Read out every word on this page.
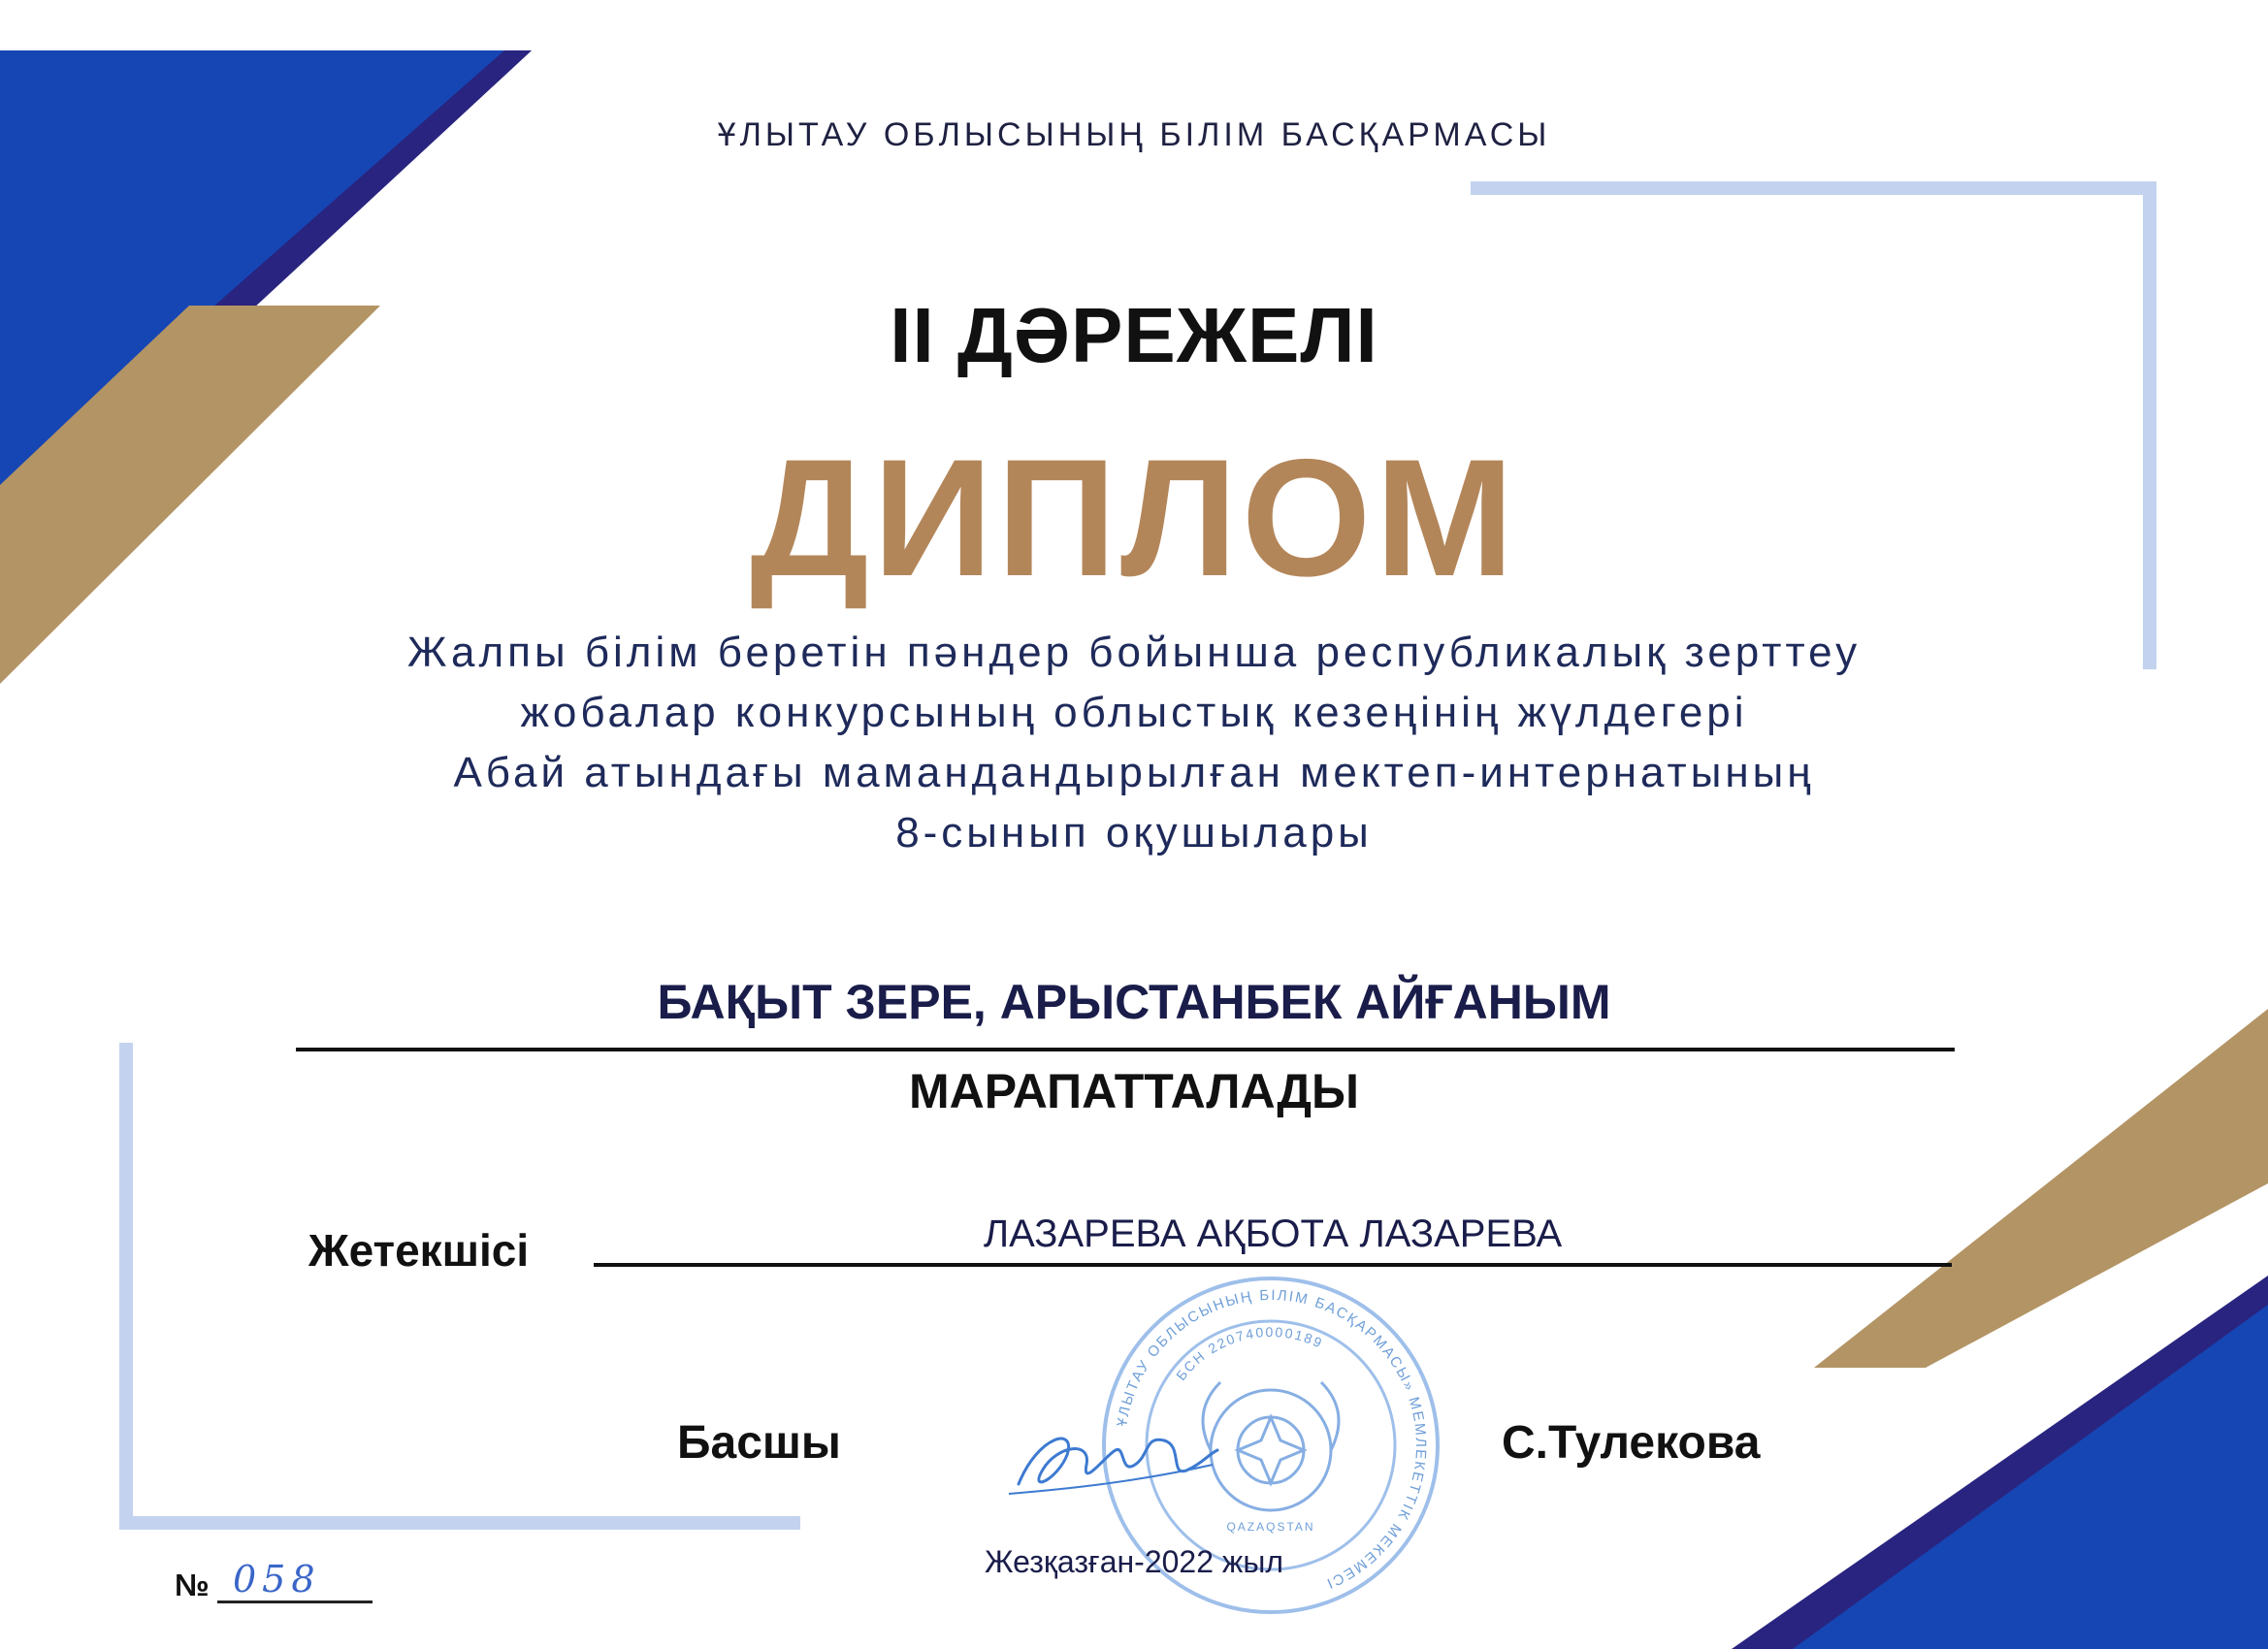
ҰЛЫТАУ ОБЛЫСЫНЫҢ БІЛІМ БАСҚАРМАСЫ
II ДӘРЕЖЕЛІ
ДИПЛОМ
Жалпы білім беретін пәндер бойынша республикалық зерттеу
жобалар конкурсының облыстық кезеңінің жүлдегері
Абай атындағы мамандандырылған мектеп-интернатының
8-сынып оқушылары
БАҚЫТ ЗЕРЕ, АРЫСТАНБЕК АЙҒАНЫМ
МАРАПАТТАЛАДЫ
Жетекшісі	ЛАЗАРЕВА АҚБОТА ЛАЗАРЕВА
ҰЛЫТАУ ОБЛЫСЫНЫҢ БІЛІМ БАСҚАРМАСЫ» МЕМЛЕКЕТТІК МЕКЕМЕСІ
БСН 220740000189
QAZAQSTAN
Басшы	С.Тулекова
Жезқазған-2022 жыл
№ 058
